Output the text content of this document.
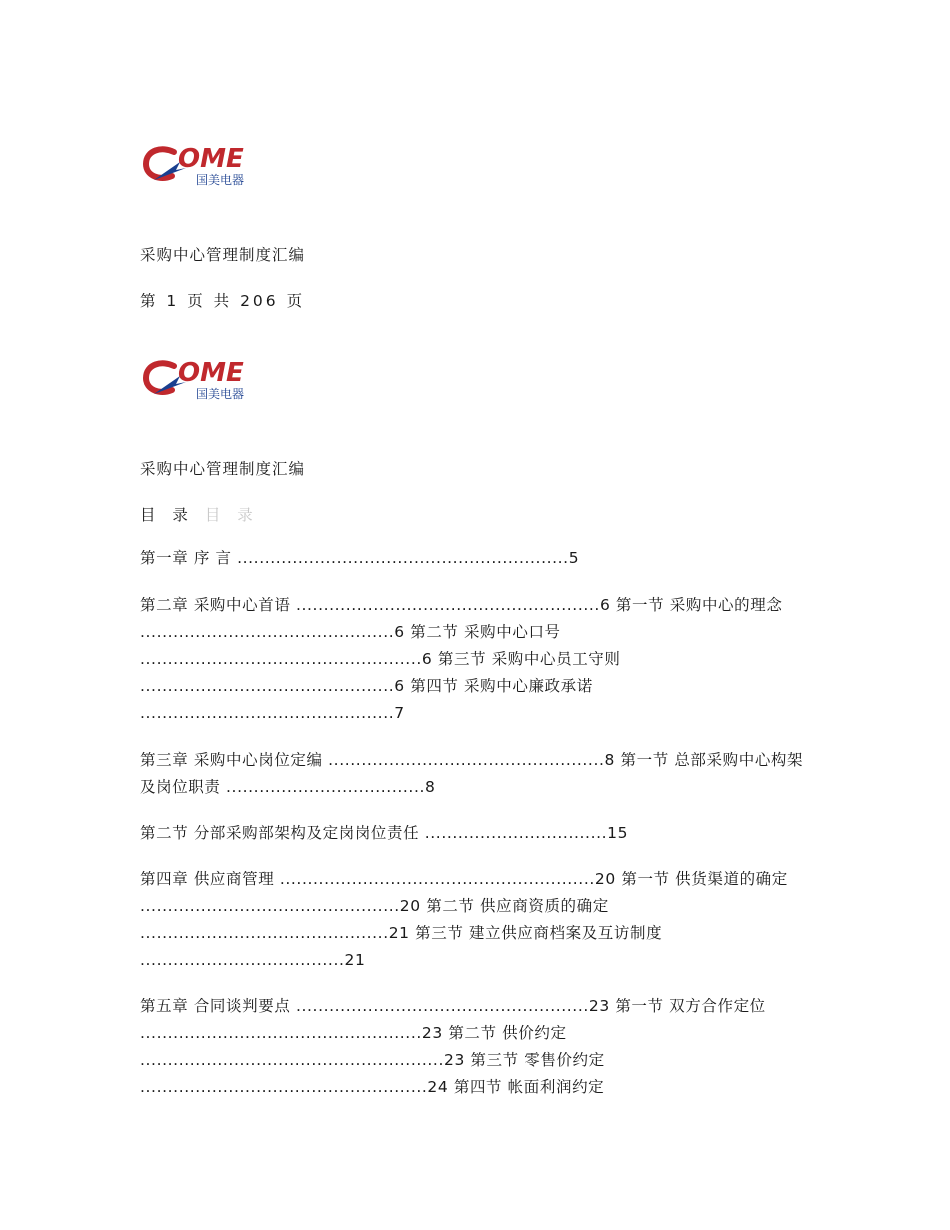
OME
国美电器
采购中心管理制度汇编
第 1 页 共 206 页
OME
国美电器
采购中心管理制度汇编
目 录 目 录
第一章 序 言 ............................................................5
第二章 采购中心首语 .......................................................6 第一节 采购中心的理念 ..............................................6 第二节 采购中心口号 ...................................................6 第三节 采购中心员工守则 ..............................................6 第四节 采购中心廉政承诺 ..............................................7
第三章 采购中心岗位定编 ..................................................8 第一节 总部采购中心构架及岗位职责 ....................................8
第二节 分部采购部架构及定岗岗位责任 .................................15
第四章 供应商管理 .........................................................20 第一节 供货渠道的确定 ...............................................20 第二节 供应商资质的确定 .............................................21 第三节 建立供应商档案及互访制度 .....................................21
第五章 合同谈判要点 .....................................................23 第一节 双方合作定位 ...................................................23 第二节 供价约定 .......................................................23 第三节 零售价约定 ....................................................24 第四节 帐面利润约定
